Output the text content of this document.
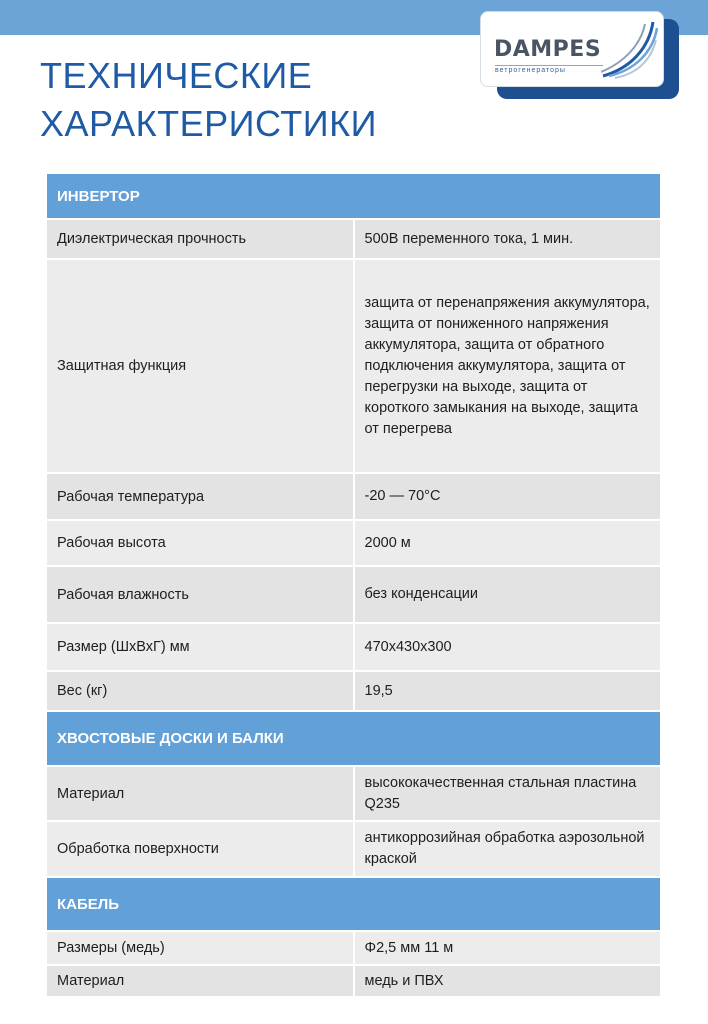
DAMPES
ветрогенераторы
ТЕХНИЧЕСКИЕ
ХАРАКТЕРИСТИКИ
ИНВЕРТОР	
Диэлектрическая прочность	500В переменного тока, 1 мин.
Защитная функция	защита от перенапряжения аккумулятора, защита от пониженного напряжения аккумулятора, защита от обратного подключения аккумулятора, защита от перегрузки на выходе, защита от короткого замыкания на выходе, защита от перегрева
Рабочая температура	-20 — 70°C
Рабочая высота	2000 м
Рабочая влажность	без конденсации
Размер (ШхВхГ) мм	470х430х300
Вес (кг)	19,5
ХВОСТОВЫЕ ДОСКИ И БАЛКИ	
Материал	высококачественная стальная пластина Q235
Обработка поверхности	антикоррозийная обработка аэрозольной краской
КАБЕЛЬ	
Размеры (медь)	Φ2,5 мм 11 м
Материал	медь и ПВХ
